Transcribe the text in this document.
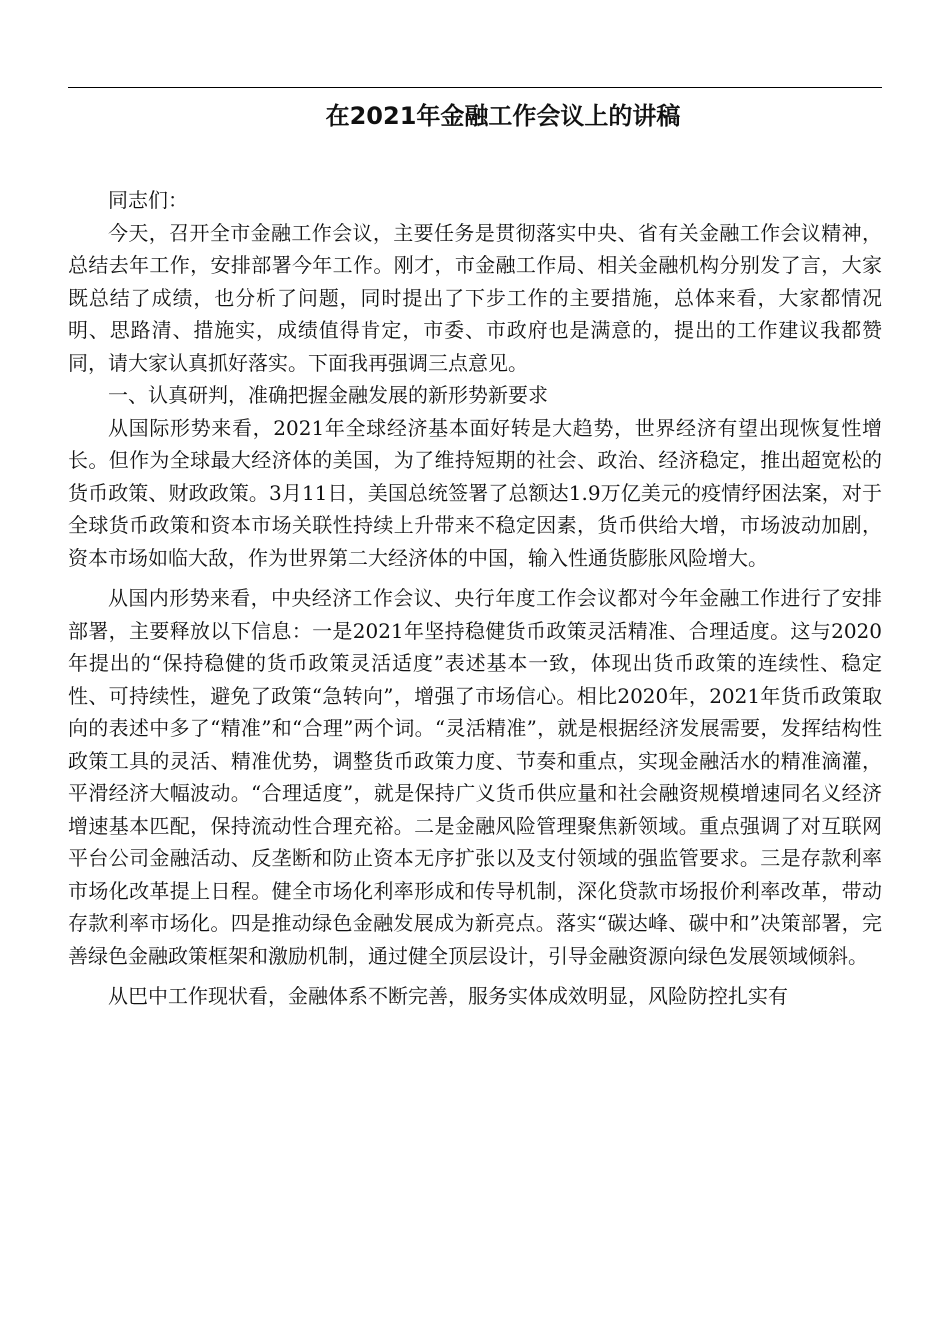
在2021年金融工作会议上的讲稿

同志们：

今天，召开全市金融工作会议，主要任务是贯彻落实中央、省有关金融工作会议精神，总结去年工作，安排部署今年工作。刚才，市金融工作局、相关金融机构分别发了言，大家既总结了成绩，也分析了问题，同时提出了下步工作的主要措施，总体来看，大家都情况明、思路清、措施实，成绩值得肯定，市委、市政府也是满意的，提出的工作建议我都赞同，请大家认真抓好落实。下面我再强调三点意见。

一、认真研判，准确把握金融发展的新形势新要求

从国际形势来看，2021年全球经济基本面好转是大趋势，世界经济有望出现恢复性增长。但作为全球最大经济体的美国，为了维持短期的社会、政治、经济稳定，推出超宽松的货币政策、财政政策。3月11日，美国总统签署了总额达1.9万亿美元的疫情纾困法案，对于全球货币政策和资本市场关联性持续上升带来不稳定因素，货币供给大增，市场波动加剧，资本市场如临大敌，作为世界第二大经济体的中国，输入性通货膨胀风险增大。

从国内形势来看，中央经济工作会议、央行年度工作会议都对今年金融工作进行了安排部署，主要释放以下信息：一是2021年坚持稳健货币政策灵活精准、合理适度。这与2020年提出的“保持稳健的货币政策灵活适度”表述基本一致，体现出货币政策的连续性、稳定性、可持续性，避免了政策“急转向”，增强了市场信心。相比2020年，2021年货币政策取向的表述中多了“精准”和“合理”两个词。“灵活精准”，就是根据经济发展需要，发挥结构性政策工具的灵活、精准优势，调整货币政策力度、节奏和重点，实现金融活水的精准滴灌，平滑经济大幅波动。“合理适度”，就是保持广义货币供应量和社会融资规模增速同名义经济增速基本匹配，保持流动性合理充裕。二是金融风险管理聚焦新领域。重点强调了对互联网平台公司金融活动、反垄断和防止资本无序扩张以及支付领域的强监管要求。三是存款利率市场化改革提上日程。健全市场化利率形成和传导机制，深化贷款市场报价利率改革，带动存款利率市场化。四是推动绿色金融发展成为新亮点。落实“碳达峰、碳中和”决策部署，完善绿色金融政策框架和激励机制，通过健全顶层设计，引导金融资源向绿色发展领域倾斜。

从巴中工作现状看，金融体系不断完善，服务实体成效明显，风险防控扎实有
